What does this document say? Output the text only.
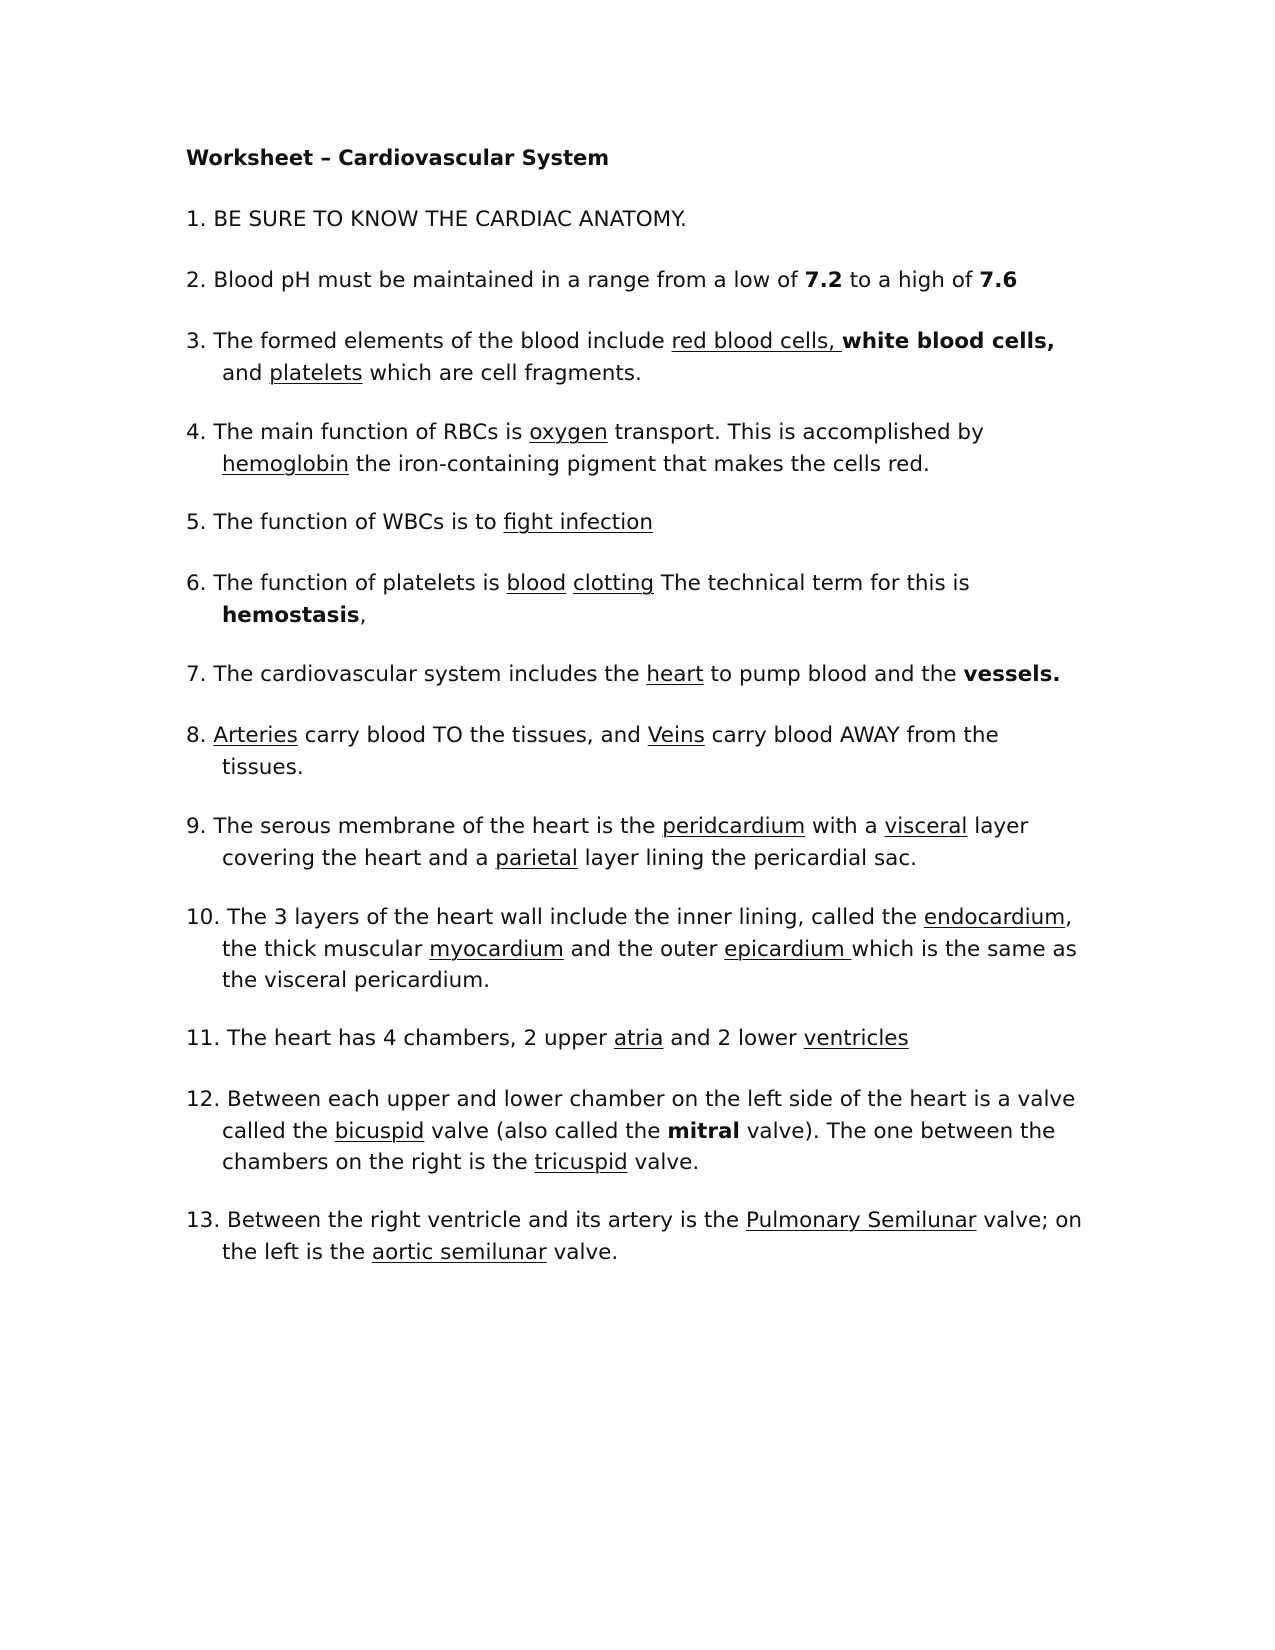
Worksheet – Cardiovascular System
1. BE SURE TO KNOW THE CARDIAC ANATOMY.
2. Blood pH must be maintained in a range from a low of 7.2 to a high of 7.6
3. The formed elements of the blood include red blood cells, white blood cells,
and platelets which are cell fragments.
4. The main function of RBCs is oxygen transport. This is accomplished by
hemoglobin the iron-containing pigment that makes the cells red.
5. The function of WBCs is to fight infection
6. The function of platelets is blood clotting The technical term for this is
hemostasis,
7. The cardiovascular system includes the heart to pump blood and the vessels.
8. Arteries carry blood TO the tissues, and Veins carry blood AWAY from the
tissues.
9. The serous membrane of the heart is the peridcardium with a visceral layer
covering the heart and a parietal layer lining the pericardial sac.
10. The 3 layers of the heart wall include the inner lining, called the endocardium,
the thick muscular myocardium and the outer epicardium which is the same as
the visceral pericardium.
11. The heart has 4 chambers, 2 upper atria and 2 lower ventricles
12. Between each upper and lower chamber on the left side of the heart is a valve
called the bicuspid valve (also called the mitral valve). The one between the
chambers on the right is the tricuspid valve.
13. Between the right ventricle and its artery is the Pulmonary Semilunar valve; on
the left is the aortic semilunar valve.
